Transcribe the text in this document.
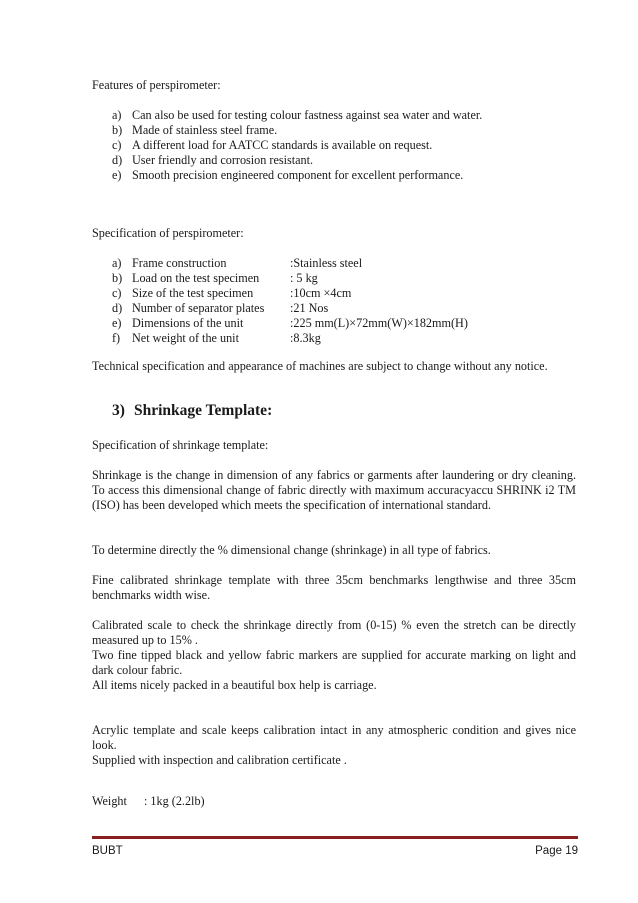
Features of perspirometer:
a) Can also be used for testing colour fastness against sea water and water.
b) Made of stainless steel frame.
c) A different load for AATCC standards is available on request.
d) User friendly and corrosion resistant.
e) Smooth precision engineered component for excellent performance.
Specification of perspirometer:
a) Frame construction	:Stainless steel
b) Load on the test specimen	: 5 kg
c) Size of the test specimen	:10cm ×4cm
d) Number of separator plates	:21 Nos
e) Dimensions of the unit	:225 mm(L)×72mm(W)×182mm(H)
f) Net weight of the unit	:8.3kg

Technical specification and appearance of machines are subject to change without any notice.

3) Shrinkage Template:

Specification of shrinkage template:

Shrinkage is the change in dimension of any fabrics or garments after laundering or dry cleaning. To access this dimensional change of fabric directly with maximum accuracyaccu SHRINK i2 TM (ISO) has been developed which meets the specification of international standard.

To determine directly the % dimensional change (shrinkage) in all type of fabrics.

Fine calibrated shrinkage template with three 35cm benchmarks lengthwise and three 35cm benchmarks width wise.

Calibrated scale to check the shrinkage directly from (0-15) % even the stretch can be directly measured up to 15% .
Two fine tipped black and yellow fabric markers are supplied for accurate marking on light and dark colour fabric.
All items nicely packed in a beautiful box help is carriage.
Acrylic template and scale keeps calibration intact in any atmospheric condition and gives nice look.
Supplied with inspection and calibration certificate .
Weight	: 1kg (2.2lb)
BUBT	Page 19
